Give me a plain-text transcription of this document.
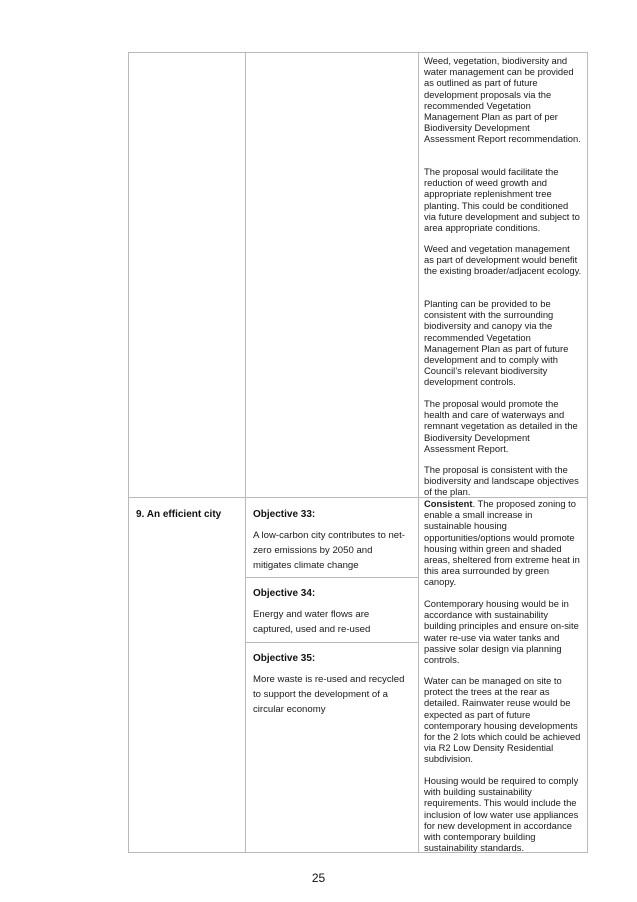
Weed, vegetation, biodiversity and water management can be provided as outlined as part of future development proposals via the recommended Vegetation Management Plan as part of per Biodiversity Development Assessment Report recommendation.
The proposal would facilitate the reduction of weed growth and appropriate replenishment tree planting. This could be conditioned via future development and subject to area appropriate conditions.
Weed and vegetation management as part of development would benefit the existing broader/adjacent ecology.
Planting can be provided to be consistent with the surrounding biodiversity and canopy via the recommended Vegetation Management Plan as part of future development and to comply with Council’s relevant biodiversity development controls.
The proposal would promote the health and care of waterways and remnant vegetation as detailed in the Biodiversity Development Assessment Report.
The proposal is consistent with the biodiversity and landscape objectives of the plan.
9. An efficient city	Objective 33:
A low-carbon city contributes to net-zero emissions by 2050 and mitigates climate change
Objective 34:
Energy and water flows are captured, used and re-used
Objective 35:
More waste is re-used and recycled to support the development of a circular economy
Consistent. The proposed zoning to enable a small increase in sustainable housing opportunities/options would promote housing within green and shaded areas, sheltered from extreme heat in this area surrounded by green canopy.
Contemporary housing would be in accordance with sustainability building principles and ensure on-site water re-use via water tanks and passive solar design via planning controls.
Water can be managed on site to protect the trees at the rear as detailed. Rainwater reuse would be expected as part of future contemporary housing developments for the 2 lots which could be achieved via R2 Low Density Residential subdivision.
Housing would be required to comply with building sustainability requirements. This would include the inclusion of low water use appliances for new development in accordance with contemporary building sustainability standards.
25
